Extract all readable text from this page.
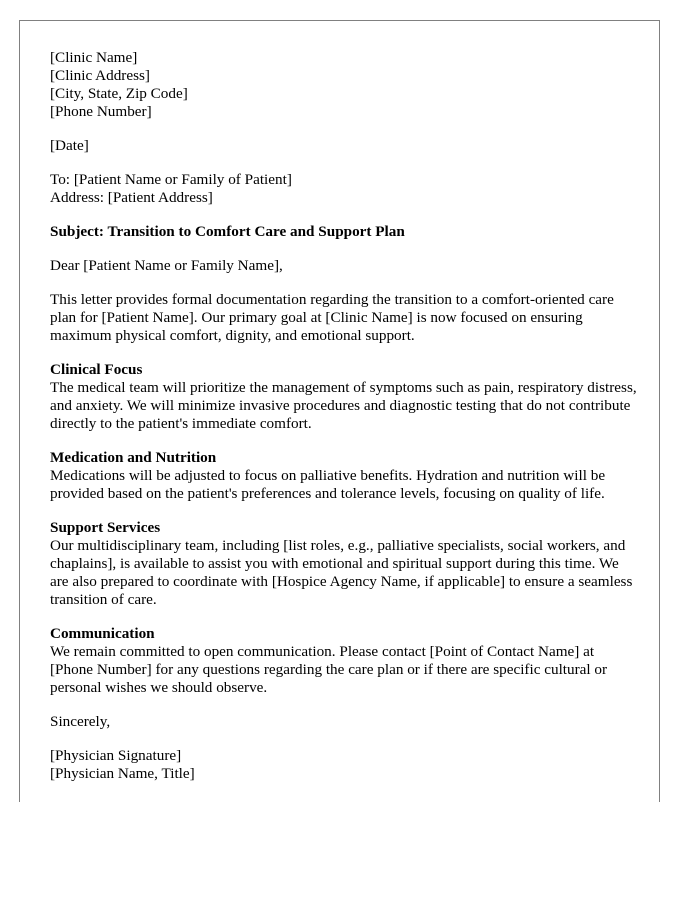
[Clinic Name]
[Clinic Address]
[City, State, Zip Code]
[Phone Number]

[Date]

To: [Patient Name or Family of Patient]
Address: [Patient Address]

Subject: Transition to Comfort Care and Support Plan

Dear [Patient Name or Family Name],

This letter provides formal documentation regarding the transition to a comfort-oriented care plan for [Patient Name]. Our primary goal at [Clinic Name] is now focused on ensuring maximum physical comfort, dignity, and emotional support.

Clinical Focus
The medical team will prioritize the management of symptoms such as pain, respiratory distress, and anxiety. We will minimize invasive procedures and diagnostic testing that do not contribute directly to the patient's immediate comfort.

Medication and Nutrition
Medications will be adjusted to focus on palliative benefits. Hydration and nutrition will be provided based on the patient's preferences and tolerance levels, focusing on quality of life.

Support Services
Our multidisciplinary team, including [list roles, e.g., palliative specialists, social workers, and chaplains], is available to assist you with emotional and spiritual support during this time. We are also prepared to coordinate with [Hospice Agency Name, if applicable] to ensure a seamless transition of care.

Communication
We remain committed to open communication. Please contact [Point of Contact Name] at [Phone Number] for any questions regarding the care plan or if there are specific cultural or personal wishes we should observe.

Sincerely,

[Physician Signature]
[Physician Name, Title]
